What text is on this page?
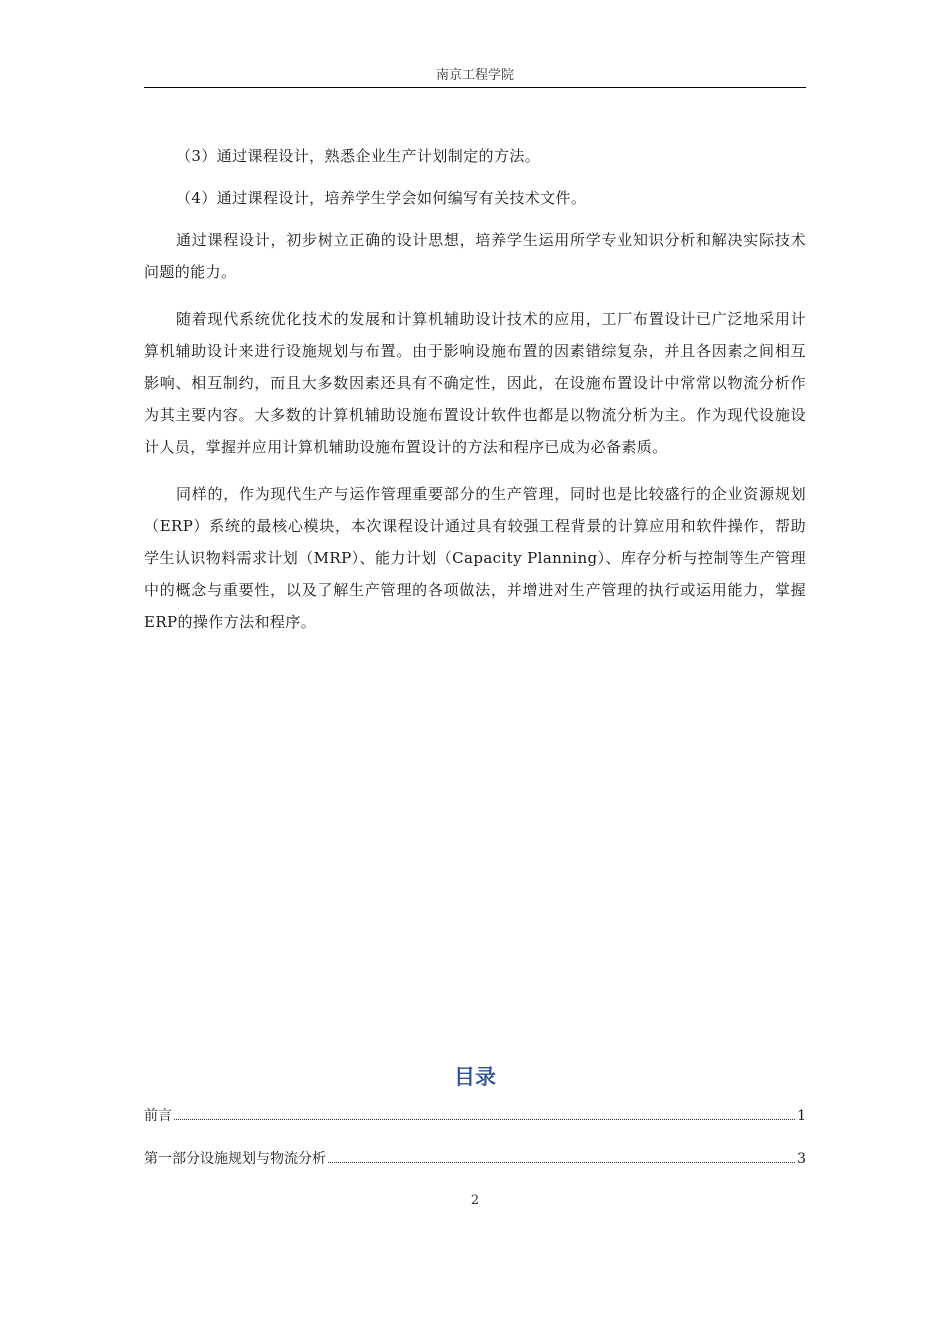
南京工程学院

（3）通过课程设计，熟悉企业生产计划制定的方法。

（4）通过课程设计，培养学生学会如何编写有关技术文件。

通过课程设计，初步树立正确的设计思想，培养学生运用所学专业知识分析和解决实际技术问题的能力。

随着现代系统优化技术的发展和计算机辅助设计技术的应用，工厂布置设计已广泛地采用计算机辅助设计来进行设施规划与布置。由于影响设施布置的因素错综复杂，并且各因素之间相互影响、相互制约，而且大多数因素还具有不确定性，因此，在设施布置设计中常常以物流分析作为其主要内容。大多数的计算机辅助设施布置设计软件也都是以物流分析为主。作为现代设施设计人员，掌握并应用计算机辅助设施布置设计的方法和程序已成为必备素质。

同样的，作为现代生产与运作管理重要部分的生产管理，同时也是比较盛行的企业资源规划（ERP）系统的最核心模块，本次课程设计通过具有较强工程背景的计算应用和软件操作，帮助学生认识物料需求计划（MRP）、能力计划（Capacity Planning）、库存分析与控制等生产管理中的概念与重要性，以及了解生产管理的各项做法，并增进对生产管理的执行或运用能力，掌握ERP的操作方法和程序。

目录
前言	1
第一部分设施规划与物流分析	3
2
